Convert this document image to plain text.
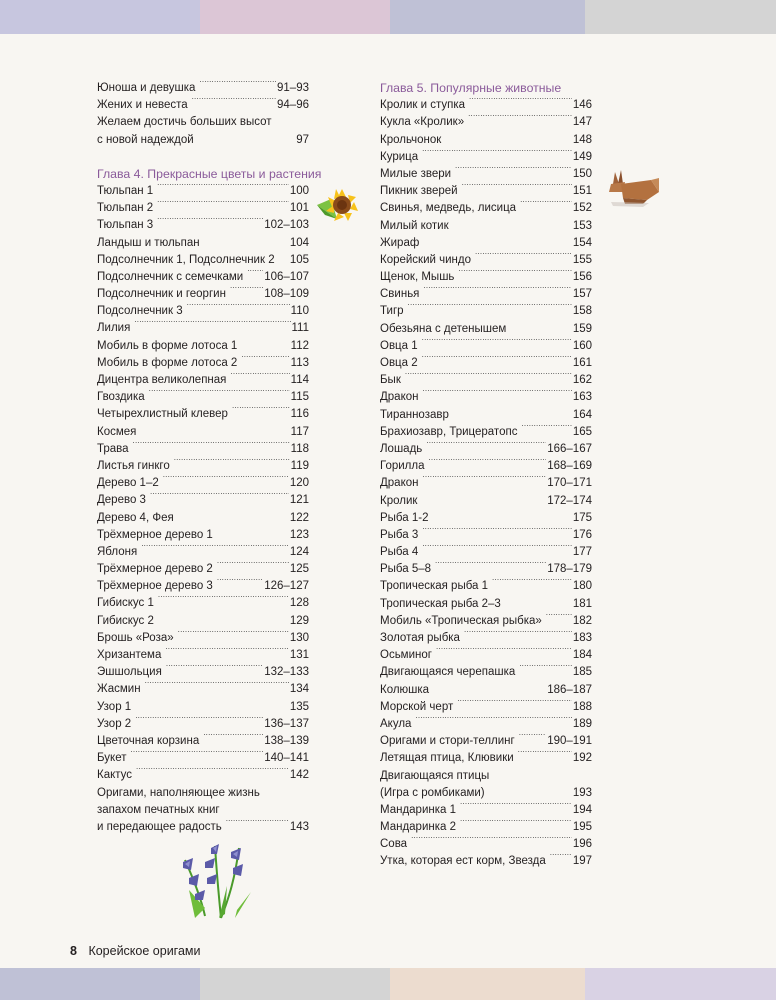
Юноша и девушка .....	91–93
Жених и невеста .....	94–96
Желаем достичь больших высот
с новой надеждой .....	97
Глава 4. Прекрасные цветы и растения
Тюльпан 1 .....	100
Тюльпан 2 .....	101
Тюльпан 3 .....	102–103
Ландыш и тюльпан .....	104
Подсолнечник 1, Подсолнечник 2 ..... 105
Подсолнечник с семечками ..... 106–107
Подсолнечник и георгин .....	108–109
Подсолнечник 3 .....	110
Лилия .....	111
Мобиль в форме лотоса 1 .....	112
Мобиль в форме лотоса 2 .....	113
Дицентра великолепная .....	114
Гвоздика .....	115
Четырехлистный клевер .....	116
Космея .....	117
Трава .....	118
Листья гинкго .....	119
Дерево 1–2 .....	120
Дерево 3 .....	121
Дерево 4, Фея .....	122
Трёхмерное дерево 1 .....	123
Яблоня .....	124
Трёхмерное дерево 2 .....	125
Трёхмерное дерево 3 .....	126–127
Гибискус 1 .....	128
Гибискус 2 .....	129
Брошь «Роза» .....	130
Хризантема .....	131
Эшшольция .....	132–133
Жасмин .....	134
Узор 1 .....	135
Узор 2 .....	136–137
Цветочная корзина .....	138–139
Букет .....	140–141
Кактус .....	142
Оригами, наполняющее жизнь
запахом печатных книг
и передающее радость .....	143
Глава 5. Популярные животные
Кролик и ступка .....	146
Кукла «Кролик» .....	147
Крольчонок .....	148
Курица .....	149
Милые звери .....	150
Пикник зверей .....	151
Свинья, медведь, лисица .....	152
Милый котик .....	153
Жираф .....	154
Корейский чиндо .....	155
Щенок, Мышь .....	156
Свинья .....	157
Тигр .....	158
Обезьяна с детенышем .....	159
Овца 1 .....	160
Овца 2 .....	161
Бык .....	162
Дракон .....	163
Тираннозавр .....	164
Брахиозавр, Трицератопс .....	165
Лошадь .....	166–167
Горилла .....	168–169
Дракон .....	170–171
Кролик .....	172–174
Рыба 1-2 .....	175
Рыба 3 .....	176
Рыба 4 .....	177
Рыба 5–8 .....	178–179
Тропическая рыба 1 .....	180
Тропическая рыба 2–3 .....	181
Мобиль «Тропическая рыбка» .....	182
Золотая рыбка .....	183
Осьминог .....	184
Двигающаяся черепашка .....	185
Колюшка .....	186–187
Морской черт .....	188
Акула .....	189
Оригами и стори-теллинг .....	190–191
Летящая птица, Клювики .....	192
Двигающаяся птицы
(Игра с ромбиками) .....	193
Мандаринка 1 .....	194
Мандаринка 2 .....	195
Сова .....	196
Утка, которая ест корм, Звезда ..... 197
8 Корейское оригами
